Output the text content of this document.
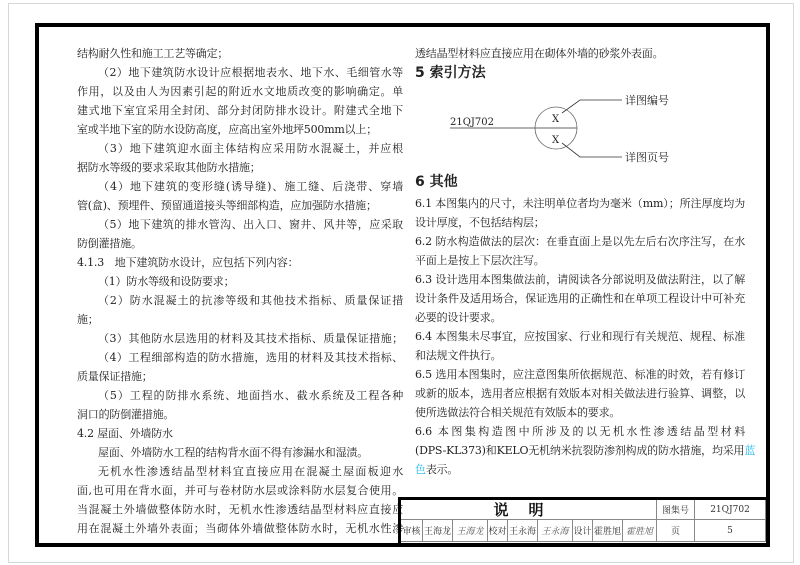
结构耐久性和施工工艺等确定；
（2）地下建筑防水设计应根据地表水、地下水、毛细管水等
作用，以及由人为因素引起的附近水文地质改变的影响确定。单
建式地下室宜采用全封闭、部分封闭防排水设计。附建式全地下
室或半地下室的防水设防高度，应高出室外地坪500mm以上；
（3）地下建筑迎水面主体结构应采用防水混凝土，并应根
据防水等级的要求采取其他防水措施；
（4）地下建筑的变形缝(诱导缝)、施工缝、后浇带、穿墙
管(盒)、预埋件、预留通道接头等细部构造，应加强防水措施；
（5）地下建筑的排水管沟、出入口、窗井、风井等，应采取
防倒灌措施。
4.1.3　地下建筑防水设计，应包括下列内容：
（1）防水等级和设防要求；
（2）防水混凝土的抗渗等级和其他技术指标、质量保证措
施；
（3）其他防水层选用的材料及其技术指标、质量保证措施；
（4）工程细部构造的防水措施，选用的材料及其技术指标、
质量保证措施；
（5）工程的防排水系统、地面挡水、截水系统及工程各种
洞口的防倒灌措施。
4.2 屋面、外墙防水
屋面、外墙防水工程的结构背水面不得有渗漏水和湿渍。
无机水性渗透结晶型材料宜直接应用在混凝土屋面板迎水
面,也可用在背水面，并可与卷材防水层或涂料防水层复合使用。
当混凝土外墙做整体防水时，无机水性渗透结晶型材料应直接应
用在混凝土外墙外表面；当砌体外墙做整体防水时，无机水性渗
透结晶型材料应直接应用在砌体外墙的砂浆外表面。
5 索引方法
21QJ702	X
X
详图编号
详图页号
6 其他
6.1 本图集内的尺寸，未注明单位者均为毫米（mm）；所注厚度均为
设计厚度，不包括结构层；
6.2 防水构造做法的层次：在垂直面上是以先左后右次序注写，在水
平面上是按上下层次注写。
6.3 设计选用本图集做法前，请阅读各分部说明及做法附注，以了解
设计条件及适用场合，保证选用的正确性和在单项工程设计中可补充
必要的设计要求。
6.4 本图集未尽事宜，应按国家、行业和现行有关规范、规程、标准
和法规文件执行。
6.5 选用本图集时，应注意图集所依据规范、标准的时效，若有修订
或新的版本，选用者应根据有效版本对相关做法进行验算、调整，以
使所选做法符合相关规范有效版本的要求。
6.6 本图集构造图中所涉及的以无机水性渗透结晶型材料
(DPS-KL373)和KELO无机纳米抗裂防渗剂构成的防水措施，均采用蓝
色表示。
说明	图集号	21QJ702
审核 王海龙 王海龙 校对 王永海 王永海 设计 霍胜旭 霍胜旭	页	5
